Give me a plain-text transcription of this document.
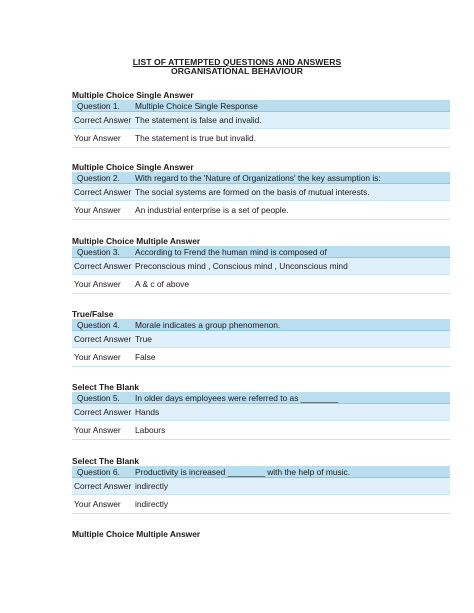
LIST OF ATTEMPTED QUESTIONS AND ANSWERS
ORGANISATIONAL BEHAVIOUR
Multiple Choice Single Answer
Question 1.	Multiple Choice Single Response
Correct Answer The statement is false and invalid.
Your Answer	The statement is true but invalid.
Multiple Choice Single Answer
Question 2.	With regard to the 'Nature of Organizations' the key assumption is:
Correct Answer The social systems are formed on the basis of mutual interests.
Your Answer	An industrial enterprise is a set of people.
Multiple Choice Multiple Answer
Question 3.	According to Frend the human mind is composed of
Correct Answer Preconscious mind , Conscious mind , Unconscious mind
Your Answer	A & c of above
True/False
Question 4.	Morale indicates a group phenomenon.
Correct Answer True
Your Answer	False
Select The Blank
Question 5.	In older days employees were referred to as ________
Correct Answer Hands
Your Answer	Labours
Select The Blank
Question 6.	Productivity is increased ________ with the help of music.
Correct Answer indirectly
Your Answer	indirectly
Multiple Choice Multiple Answer
